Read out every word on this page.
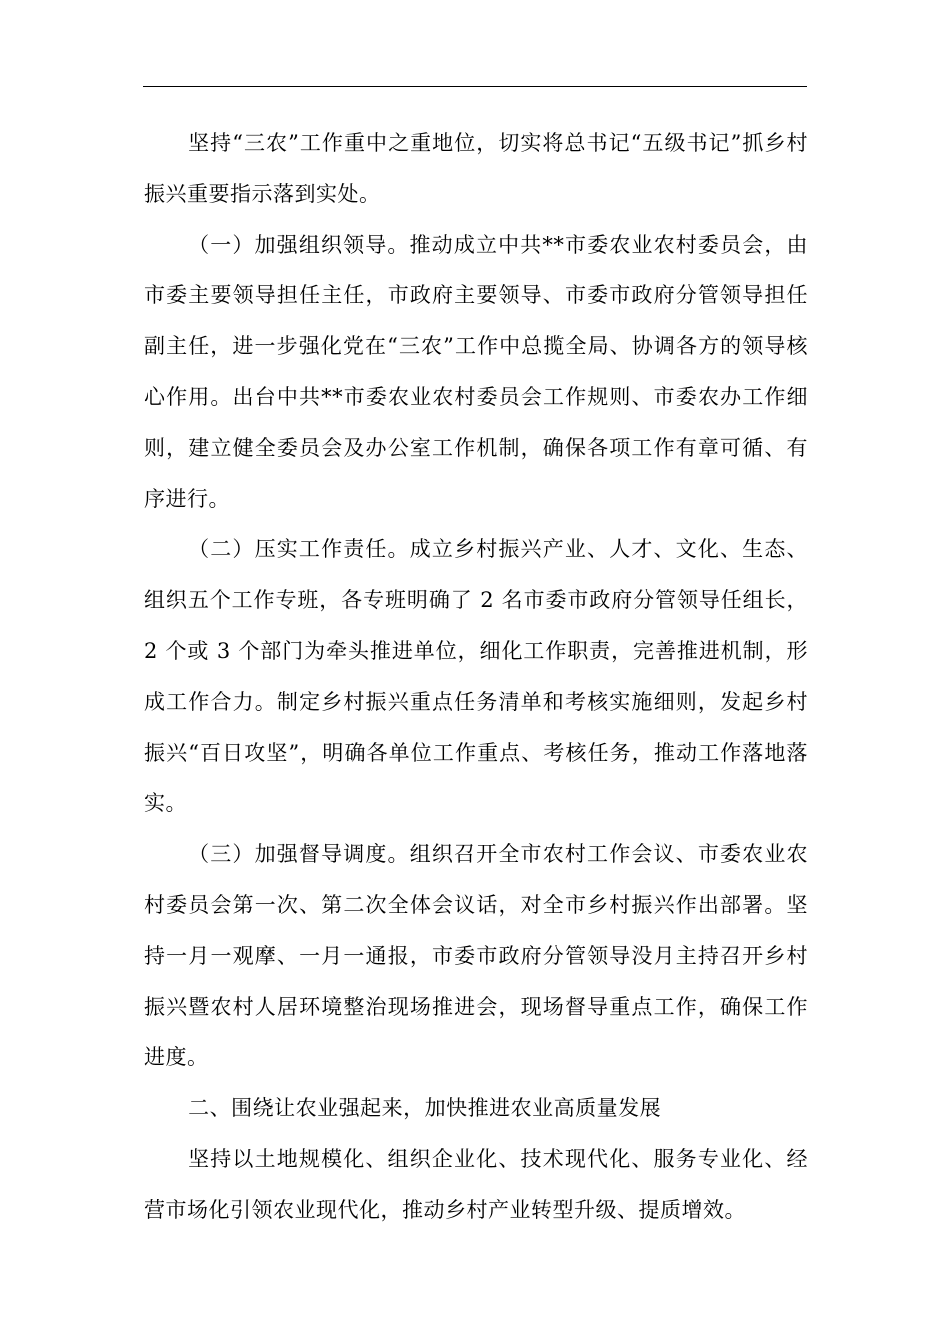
坚持“三农”工作重中之重地位，切实将总书记“五级书记”抓乡村振兴重要指示落到实处。

（一）加强组织领导。推动成立中共**市委农业农村委员会，由市委主要领导担任主任，市政府主要领导、市委市政府分管领导担任副主任，进一步强化党在“三农”工作中总揽全局、协调各方的领导核心作用。出台中共**市委农业农村委员会工作规则、市委农办工作细则，建立健全委员会及办公室工作机制，确保各项工作有章可循、有序进行。

（二）压实工作责任。成立乡村振兴产业、人才、文化、生态、组织五个工作专班，各专班明确了 2 名市委市政府分管领导任组长，2 个或 3 个部门为牵头推进单位，细化工作职责，完善推进机制，形成工作合力。制定乡村振兴重点任务清单和考核实施细则，发起乡村振兴“百日攻坚”，明确各单位工作重点、考核任务，推动工作落地落实。

（三）加强督导调度。组织召开全市农村工作会议、市委农业农村委员会第一次、第二次全体会议话，对全市乡村振兴作出部署。坚持一月一观摩、一月一通报，市委市政府分管领导没月主持召开乡村振兴暨农村人居环境整治现场推进会，现场督导重点工作，确保工作进度。

二、围绕让农业强起来，加快推进农业高质量发展

坚持以土地规模化、组织企业化、技术现代化、服务专业化、经营市场化引领农业现代化，推动乡村产业转型升级、提质增效。
